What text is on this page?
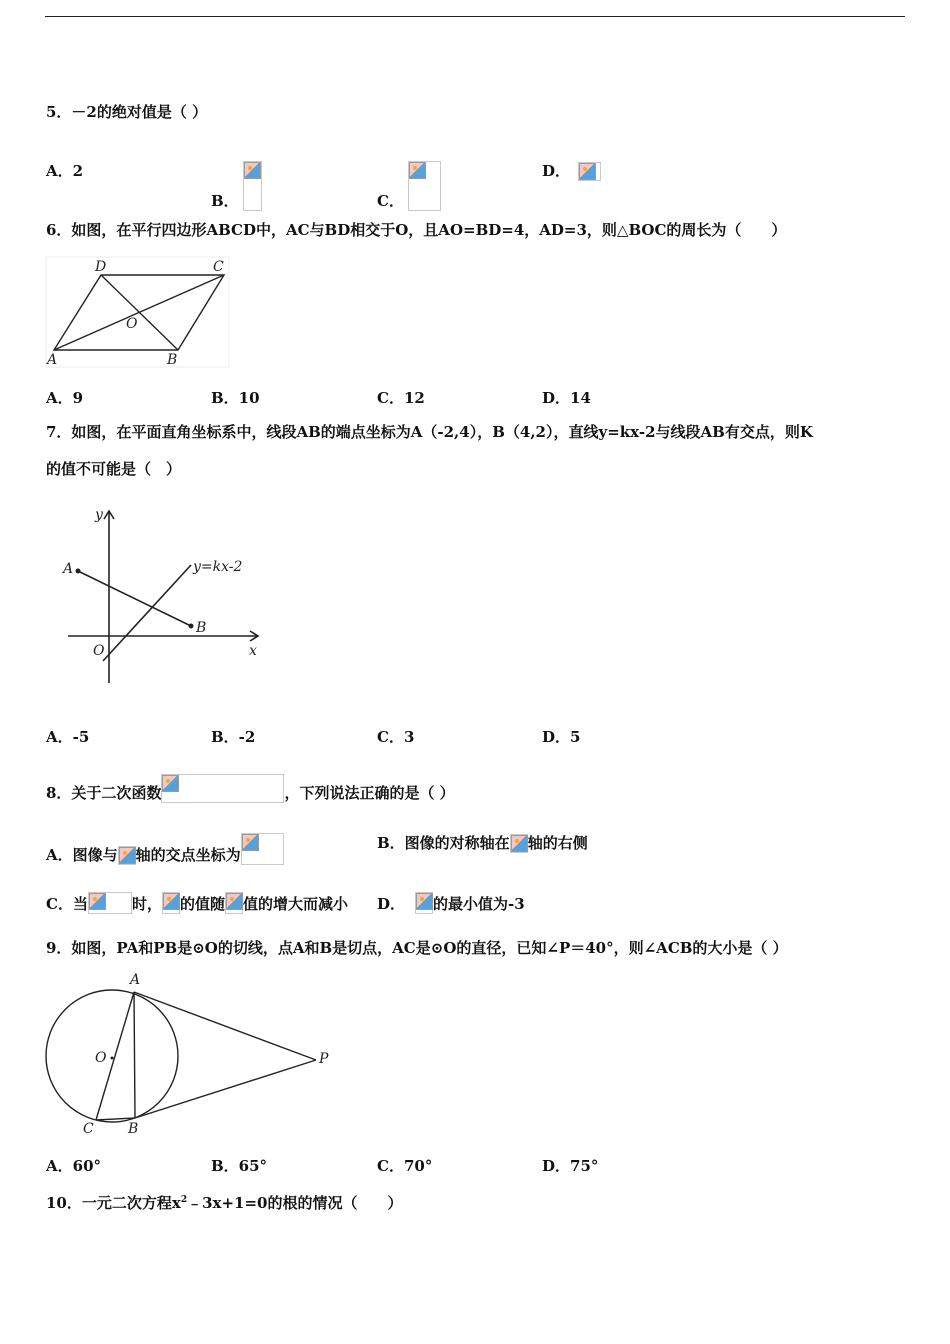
5．－2的绝对值是（ ）
A．2
B．	C．
D．
6．如图，在平行四边形ABCD中，AC与BD相交于O，且AO=BD=4，AD=3，则△BOC的周长为（　　）
D	C
O
A	B
A．9	B．10	C．12	D．14
7．如图，在平面直角坐标系中，线段AB的端点坐标为A（-2,4），B（4,2），直线y=kx-2与线段AB有交点，则K
的值不可能是（　）
y
A	y=kx-2
B
O	x
A．-5	B．-2	C．3	D．5
8．关于二次函数	，下列说法正确的是（ ）
A．图像与 轴的交点坐标为
B．图像的对称轴在 轴的右侧
C．当	时， 的值随 值的增大而减小 D． 的最小值为-3
9．如图，PA和PB是⊙O的切线，点A和B是切点，AC是⊙O的直径，已知∠P＝40°，则∠ACB的大小是（ ）
A
O	P
C B
A．60°	B．65°	C．70°	D．75°
10．一元二次方程$x^2﹣3x+1=0$的根的情况（　　）
